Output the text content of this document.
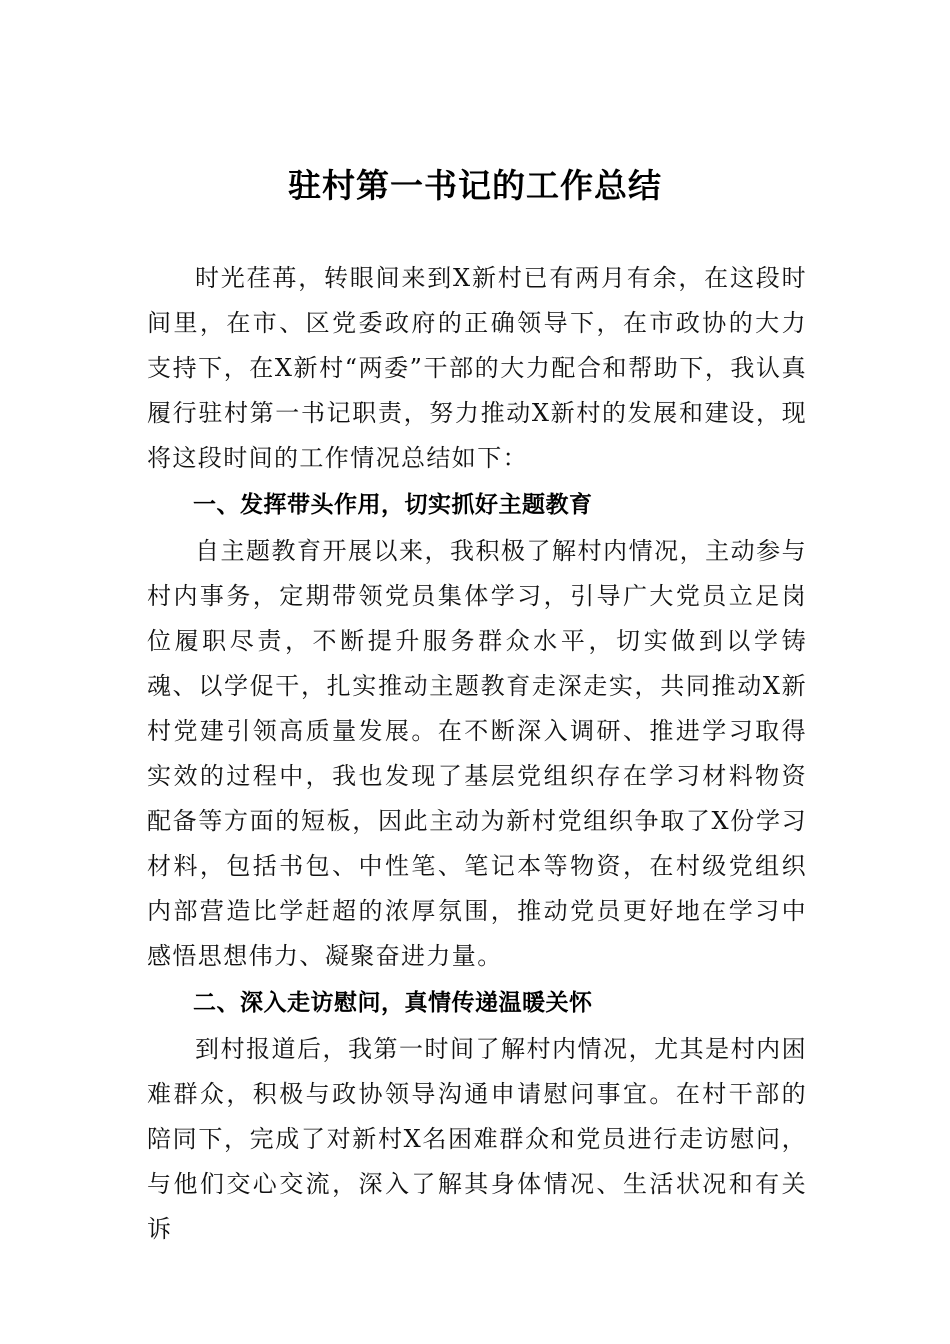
驻村第一书记的工作总结

时光荏苒，转眼间来到X新村已有两月有余，在这段时间里，在市、区党委政府的正确领导下，在市政协的大力支持下，在X新村“两委”干部的大力配合和帮助下，我认真履行驻村第一书记职责，努力推动X新村的发展和建设，现将这段时间的工作情况总结如下：

一、发挥带头作用，切实抓好主题教育

自主题教育开展以来，我积极了解村内情况，主动参与村内事务，定期带领党员集体学习，引导广大党员立足岗位履职尽责，不断提升服务群众水平，切实做到以学铸魂、以学促干，扎实推动主题教育走深走实，共同推动X新村党建引领高质量发展。在不断深入调研、推进学习取得实效的过程中，我也发现了基层党组织存在学习材料物资配备等方面的短板，因此主动为新村党组织争取了X份学习材料，包括书包、中性笔、笔记本等物资，在村级党组织内部营造比学赶超的浓厚氛围，推动党员更好地在学习中感悟思想伟力、凝聚奋进力量。

二、深入走访慰问，真情传递温暖关怀

到村报道后，我第一时间了解村内情况，尤其是村内困难群众，积极与政协领导沟通申请慰问事宜。在村干部的陪同下，完成了对新村X名困难群众和党员进行走访慰问，与他们交心交流，深入了解其身体情况、生活状况和有关诉
